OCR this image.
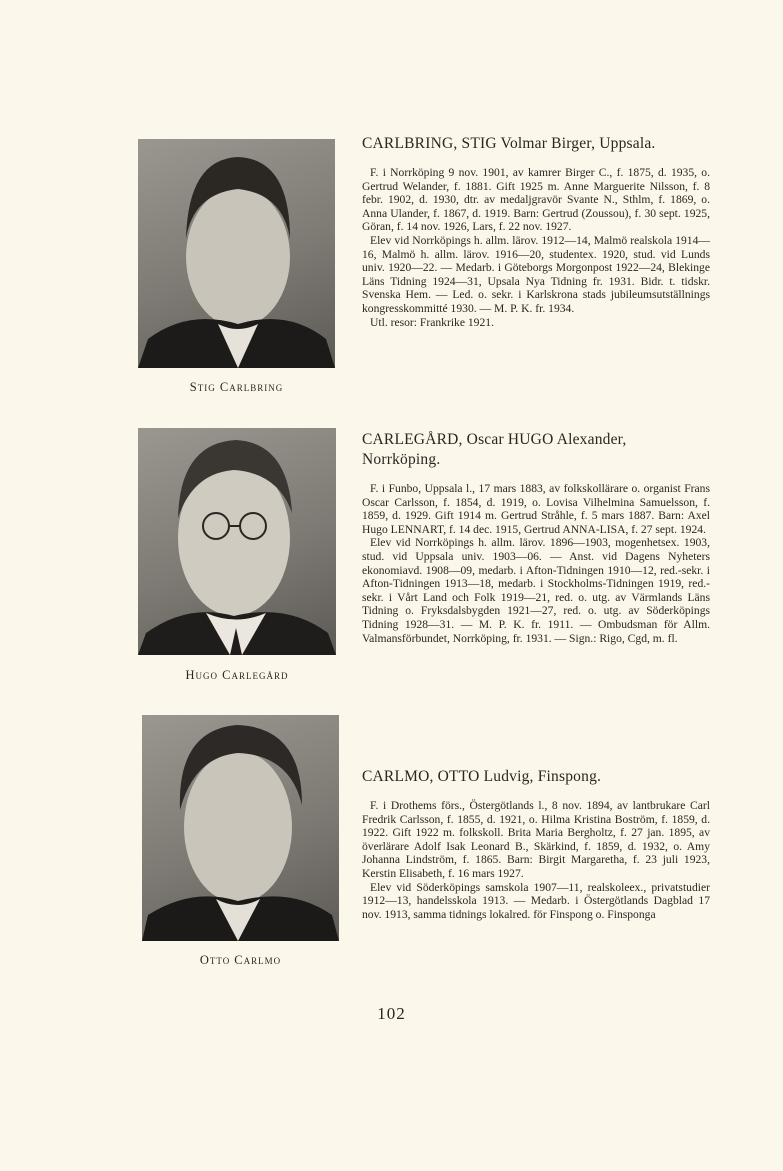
Stig Carlbring

CARLBRING, STIG Volmar Birger, Uppsala.

F. i Norrköping 9 nov. 1901, av kamrer Birger C., f. 1875, d. 1935, o. Gertrud Welander, f. 1881. Gift 1925 m. Anne Marguerite Nilsson, f. 8 febr. 1902, d. 1930, dtr. av medaljgravör Svante N., Sthlm, f. 1869, o. Anna Ulander, f. 1867, d. 1919. Barn: Gertrud (Zoussou), f. 30 sept. 1925, Göran, f. 14 nov. 1926, Lars, f. 22 nov. 1927.

Elev vid Norrköpings h. allm. lärov. 1912—14, Malmö realskola 1914—16, Malmö h. allm. lärov. 1916—20, studentex. 1920, stud. vid Lunds univ. 1920—22. — Medarb. i Göteborgs Morgonpost 1922—24, Blekinge Läns Tidning 1924—31, Upsala Nya Tidning fr. 1931. Bidr. t. tidskr. Svenska Hem. — Led. o. sekr. i Karlskrona stads jubileumsutställnings kongresskommitté 1930. — M. P. K. fr. 1934.

Utl. resor: Frankrike 1921.

Hugo Carlegård

CARLEGÅRD, Oscar HUGO Alexander, Norrköping.

F. i Funbo, Uppsala l., 17 mars 1883, av folkskollärare o. organist Frans Oscar Carlsson, f. 1854, d. 1919, o. Lovisa Vilhelmina Samuelsson, f. 1859, d. 1929. Gift 1914 m. Gertrud Stråhle, f. 5 mars 1887. Barn: Axel Hugo LENNART, f. 14 dec. 1915, Gertrud ANNA-LISA, f. 27 sept. 1924.

Elev vid Norrköpings h. allm. lärov. 1896—1903, mogenhetsex. 1903, stud. vid Uppsala univ. 1903—06. — Anst. vid Dagens Nyheters ekonomiavd. 1908—09, medarb. i Afton-Tidningen 1910—12, red.-sekr. i Afton-Tidningen 1913—18, medarb. i Stockholms-Tidningen 1919, red.-sekr. i Vårt Land och Folk 1919—21, red. o. utg. av Värmlands Läns Tidning o. Fryksdalsbygden 1921—27, red. o. utg. av Söderköpings Tidning 1928—31. — M. P. K. fr. 1911. — Ombudsman för Allm. Valmansförbundet, Norrköping, fr. 1931. — Sign.: Rigo, Cgd, m. fl.

Otto Carlmo

CARLMO, OTTO Ludvig, Finspong.

F. i Drothems förs., Östergötlands l., 8 nov. 1894, av lantbrukare Carl Fredrik Carlsson, f. 1855, d. 1921, o. Hilma Kristina Boström, f. 1859, d. 1922. Gift 1922 m. folkskoll. Brita Maria Bergholtz, f. 27 jan. 1895, av överlärare Adolf Isak Leonard B., Skärkind, f. 1859, d. 1932, o. Amy Johanna Lindström, f. 1865. Barn: Birgit Margaretha, f. 23 juli 1923, Kerstin Elisabeth, f. 16 mars 1927.

Elev vid Söderköpings samskola 1907—11, realskoleex., privatstudier 1912—13, handelsskola 1913. — Medarb. i Östergötlands Dagblad 17 nov. 1913, samma tidnings lokalred. för Finspong o. Finsponga

102
